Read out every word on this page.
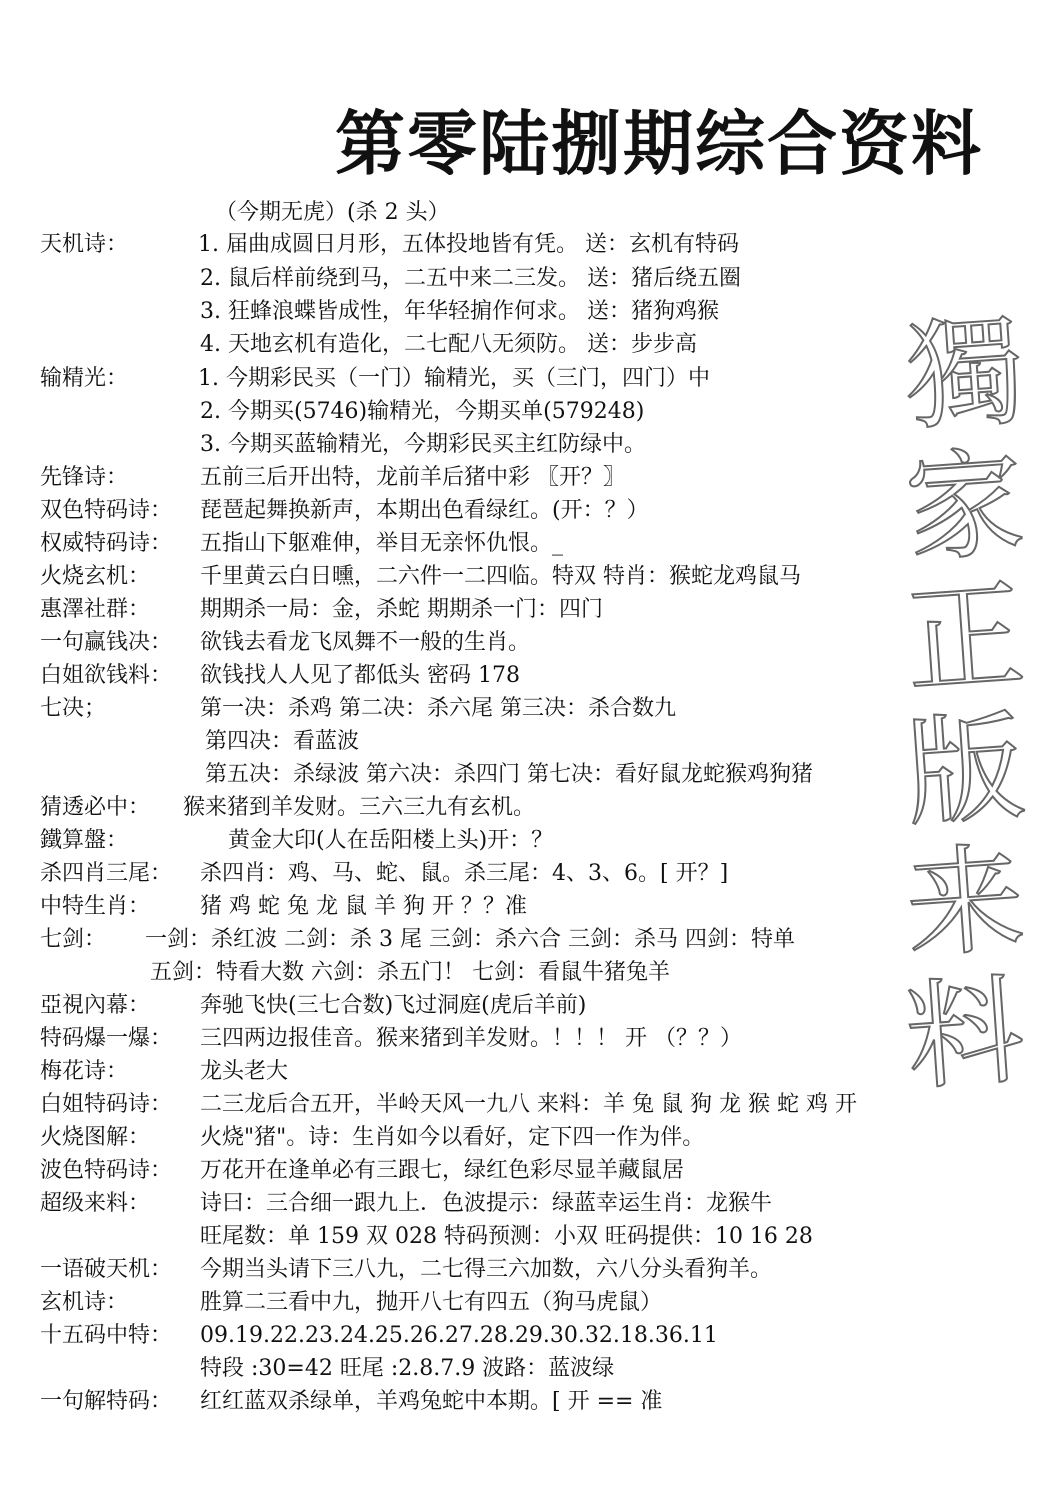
第零陆捌期综合资料
獨
家
正
版
来
料
（今期无虎）(杀 2 头）
天机诗：	1. 届曲成圆日月形，五体投地皆有凭。 送：玄机有特码
2. 鼠后样前绕到马，二五中来二三发。 送：猪后绕五圈
3. 狂蜂浪蝶皆成性，年华轻掮作何求。 送：猪狗鸡猴
4. 天地玄机有造化，二七配八无须防。 送：步步高
输精光：	1. 今期彩民买（一门）输精光，买（三门，四门）中
2. 今期买(5746)输精光，今期买单(579248)
3. 今期买蓝输精光，今期彩民买主红防绿中。
先锋诗：	五前三后开出特，龙前羊后猪中彩 〖开？〗
双色特码诗： 琵琶起舞换新声，本期出色看绿红。(开：？）
权威特码诗： 五指山下躯难伸，举目无亲怀仇恨。_
火烧玄机： 千里黄云白日曛，二六件一二四临。特双 特肖：猴蛇龙鸡鼠马
惠澤社群： 期期杀一局：金，杀蛇 期期杀一门：四门
一句赢钱决： 欲钱去看龙飞凤舞不一般的生肖。
白姐欲钱料： 欲钱找人人见了都低头 密码 178
七决；	第一决：杀鸡 第二决：杀六尾 第三决：杀合数九
第四决：看蓝波
第五决：杀绿波 第六决：杀四门 第七决：看好鼠龙蛇猴鸡狗猪
猜透必中： 猴来猪到羊发财。三六三九有玄机。
鐵算盤：	黄金大印(人在岳阳楼上头)开：？
杀四肖三尾： 杀四肖：鸡、马、蛇、鼠。杀三尾：4、3、6。[ 开？]
中特生肖： 猪 鸡 蛇 兔 龙 鼠 羊 狗 开 ？？准
七剑： 一剑：杀红波 二剑：杀 3 尾 三剑：杀六合 三剑：杀马 四剑：特单
五剑：特看大数 六剑：杀五门！ 七剑：看鼠牛猪兔羊
亞視內幕： 奔驰飞快(三七合数)飞过洞庭(虎后羊前)
特码爆一爆： 三四两边报佳音。猴来猪到羊发财。！！！ 开 （？？）
梅花诗：	龙头老大
白姐特码诗： 二三龙后合五开，半岭天风一九八 来料：羊 兔 鼠 狗 龙 猴 蛇 鸡 开
火烧图解： 火烧"猪"。诗：生肖如今以看好，定下四一作为伴。
波色特码诗： 万花开在逢单必有三跟七，绿红色彩尽显羊藏鼠居
超级来料： 诗曰：三合细一跟九上．色波提示：绿蓝幸运生肖：龙猴牛
旺尾数：单 159 双 028 特码预测：小双 旺码提供：10 16 28
一语破天机： 今期当头请下三八九，二七得三六加数，六八分头看狗羊。
玄机诗：	胜算二三看中九，抛开八七有四五（狗马虎鼠）
十五码中特： 09.19.22.23.24.25.26.27.28.29.30.32.18.36.11
特段 :30=42 旺尾 :2.8.7.9 波路：蓝波绿
一句解特码： 红红蓝双杀绿单，羊鸡兔蛇中本期。[ 开 == 准
